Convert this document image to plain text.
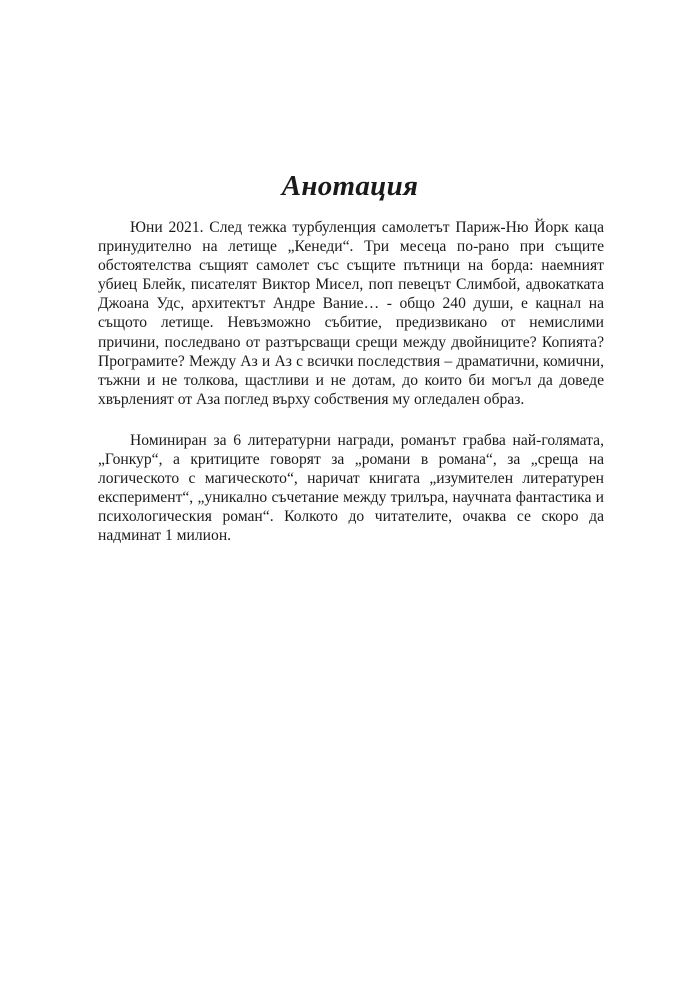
Анотация

Юни 2021. След тежка турбуленция самолетът Париж-Ню Йорк каца принудително на летище „Кенеди“. Три месеца по-рано при същите обстоятелства същият самолет със същите пътници на борда: наемният убиец Блейк, писателят Виктор Мисел, поп певецът Слимбой, адвокатката Джоана Удс, архитектът Андре Вание… - общо 240 души, е кацнал на същото летище. Невъзможно събитие, предизвикано от немислими причини, последвано от разтърсващи срещи между двойниците? Копията? Програмите? Между Аз и Аз с всички последствия – драматични, комични, тъжни и не толкова, щастливи и не дотам, до които би могъл да доведе хвърленият от Аза поглед върху собствения му огледален образ.

Номиниран за 6 литературни награди, романът грабва най-голямата, „Гонкур“, а критиците говорят за „романи в романа“, за „среща на логическото с магическото“, наричат книгата „изумителен литературен експеримент“, „уникално съчетание между трилъра, научната фантастика и психологическия роман“. Колкото до читателите, очаква се скоро да надминат 1 милион.
